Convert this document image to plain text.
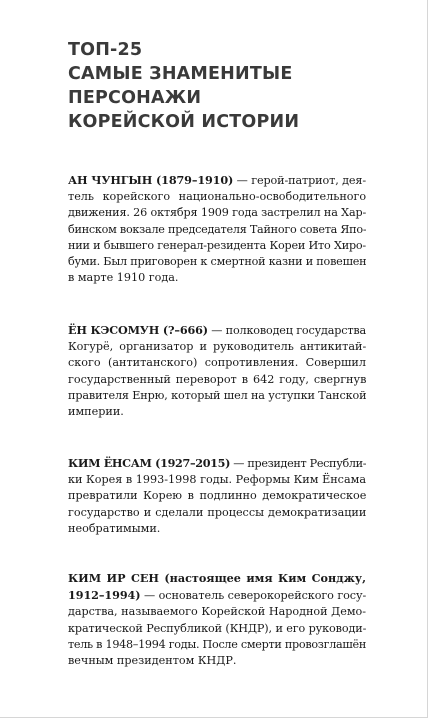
ТОП-25
САМЫЕ ЗНАМЕНИТЫЕ
ПЕРСОНАЖИ
КОРЕЙСКОЙ ИСТОРИИ
АН ЧУНГЫН (1879–1910) — герой-патриот, дея-
тель корейского национально-освободительного
движения. 26 октября 1909 года застрелил на Хар-
бинском вокзале председателя Тайного совета Япо-
нии и бывшего генерал-резидента Кореи Ито Хиро-
буми. Был приговорен к смертной казни и повешен
в марте 1910 года.
ЁН КЭСОМУН (?–666) — полководец государства
Когурё, организатор и руководитель антикитай-
ского (антитанского) сопротивления. Совершил
государственный переворот в 642 году, свергнув
правителя Енрю, который шел на уступки Танской
империи.
КИМ ЁНСАМ (1927–2015) — президент Республи-
ки Корея в 1993-1998 годы. Реформы Ким Ёнсама
превратили Корею в подлинно демократическое
государство и сделали процессы демократизации
необратимыми.
КИМ ИР СЕН (настоящее имя Ким Сонджу,
1912–1994) — основатель северокорейского госу-
дарства, называемого Корейской Народной Демо-
кратической Республикой (КНДР), и его руководи-
тель в 1948–1994 годы. После смерти провозглашён
вечным президентом КНДР.
